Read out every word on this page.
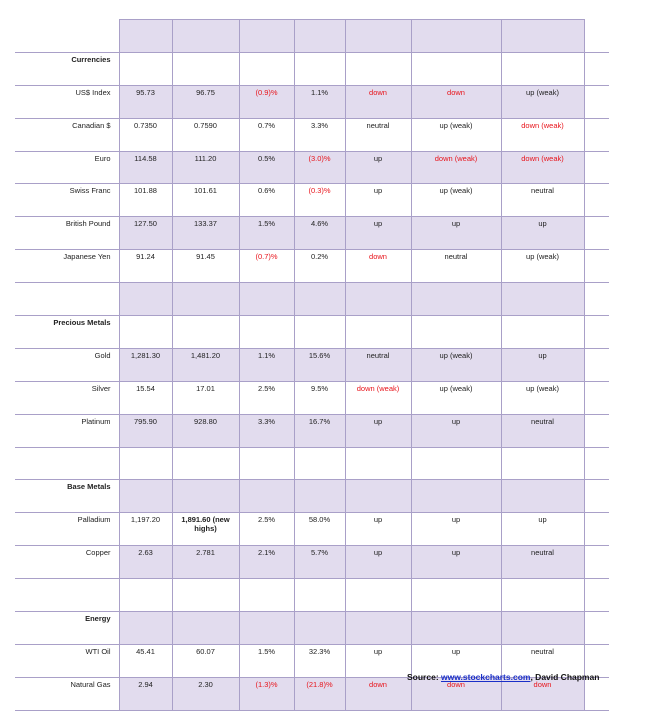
Currencies								
US$ Index	95.73	96.75	(0.9)%	1.1%	down	down	up (weak)	
Canadian $	0.7350	0.7590	0.7%	3.3%	neutral	up (weak)	down (weak)	
Euro	114.58	111.20	0.5%	(3.0)%	up	down (weak)	down (weak)	
Swiss Franc	101.88	101.61	0.6%	(0.3)%	up	up (weak)	neutral	
British Pound	127.50	133.37	1.5%	4.6%	up	up	up	
Japanese Yen	91.24	91.45	(0.7)%	0.2%	down	neutral	up (weak)	

Precious Metals								
Gold	1,281.30	1,481.20	1.1%	15.6%	neutral	up (weak)	up	
Silver	15.54	17.01	2.5%	9.5%	down (weak)	up (weak)	up (weak)	
Platinum	795.90	928.80	3.3%	16.7%	up	up	neutral	

Base Metals								
Palladium	1,197.20	1,891.60 (new highs)	2.5%	58.0%	up	up	up	
Copper	2.63	2.781	2.1%	5.7%	up	up	neutral	

Energy								
WTI Oil	45.41	60.07	1.5%	32.3%	up	up	neutral	
Natural Gas	2.94	2.30	(1.3)%	(21.8)%	down	down	down	
Source: www.stockcharts.com, David Chapman
